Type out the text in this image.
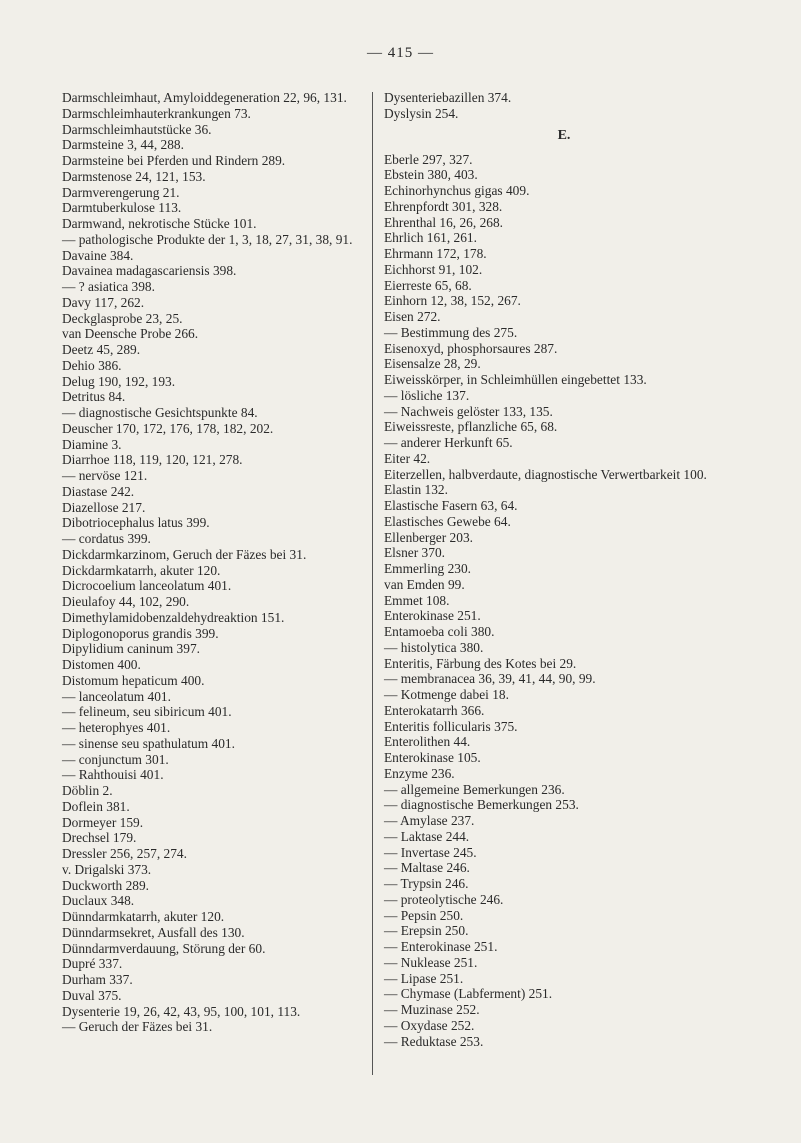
— 415 —
Darmschleimhaut, Amyloiddegeneration 22, 96, 131.
Darmschleimhauterkrankungen 73.
Darmschleimhautstücke 36.
Darmsteine 3, 44, 288.
Darmsteine bei Pferden und Rindern 289.
Darmstenose 24, 121, 153.
Darmverengerung 21.
Darmtuberkulose 113.
Darmwand, nekrotische Stücke 101.
— pathologische Produkte der 1, 3, 18, 27, 31, 38, 91.
Davaine 384.
Davainea madagascariensis 398.
— ? asiatica 398.
Davy 117, 262.
Deckglasprobe 23, 25.
van Deensche Probe 266.
Deetz 45, 289.
Dehio 386.
Delug 190, 192, 193.
Detritus 84.
— diagnostische Gesichtspunkte 84.
Deuscher 170, 172, 176, 178, 182, 202.
Diamine 3.
Diarrhoe 118, 119, 120, 121, 278.
— nervöse 121.
Diastase 242.
Diazellose 217.
Dibotriocephalus latus 399.
— cordatus 399.
Dickdarmkarzinom, Geruch der Fäzes bei 31.
Dickdarmkatarrh, akuter 120.
Dicrocoelium lanceolatum 401.
Dieulafoy 44, 102, 290.
Dimethylamidobenzaldehydreaktion 151.
Diplogonoporus grandis 399.
Dipylidium caninum 397.
Distomen 400.
Distomum hepaticum 400.
— lanceolatum 401.
— felineum, seu sibiricum 401.
— heterophyes 401.
— sinense seu spathulatum 401.
— conjunctum 301.
— Rahthouisi 401.
Döblin 2.
Doflein 381.
Dormeyer 159.
Drechsel 179.
Dressler 256, 257, 274.
v. Drigalski 373.
Duckworth 289.
Duclaux 348.
Dünndarmkatarrh, akuter 120.
Dünndarmsekret, Ausfall des 130.
Dünndarmverdauung, Störung der 60.
Dupré 337.
Durham 337.
Duval 375.
Dysenterie 19, 26, 42, 43, 95, 100, 101, 113.
— Geruch der Fäzes bei 31.
Dysenteriebazillen 374.
Dyslysin 254.
E.
Eberle 297, 327.
Ebstein 380, 403.
Echinorhynchus gigas 409.
Ehrenpfordt 301, 328.
Ehrenthal 16, 26, 268.
Ehrlich 161, 261.
Ehrmann 172, 178.
Eichhorst 91, 102.
Eierreste 65, 68.
Einhorn 12, 38, 152, 267.
Eisen 272.
— Bestimmung des 275.
Eisenoxyd, phosphorsaures 287.
Eisensalze 28, 29.
Eiweisskörper, in Schleimhüllen eingebettet 133.
— lösliche 137.
— Nachweis gelöster 133, 135.
Eiweissreste, pflanzliche 65, 68.
— anderer Herkunft 65.
Eiter 42.
Eiterzellen, halbverdaute, diagnostische Verwertbarkeit 100.
Elastin 132.
Elastische Fasern 63, 64.
Elastisches Gewebe 64.
Ellenberger 203.
Elsner 370.
Emmerling 230.
van Emden 99.
Emmet 108.
Enterokinase 251.
Entamoeba coli 380.
— histolytica 380.
Enteritis, Färbung des Kotes bei 29.
— membranacea 36, 39, 41, 44, 90, 99.
— Kotmenge dabei 18.
Enterokatarrh 366.
Enteritis follicularis 375.
Enterolithen 44.
Enterokinase 105.
Enzyme 236.
— allgemeine Bemerkungen 236.
— diagnostische Bemerkungen 253.
— Amylase 237.
— Laktase 244.
— Invertase 245.
— Maltase 246.
— Trypsin 246.
— proteolytische 246.
— Pepsin 250.
— Erepsin 250.
— Enterokinase 251.
— Nuklease 251.
— Lipase 251.
— Chymase (Labferment) 251.
— Muzinase 252.
— Oxydase 252.
— Reduktase 253.
